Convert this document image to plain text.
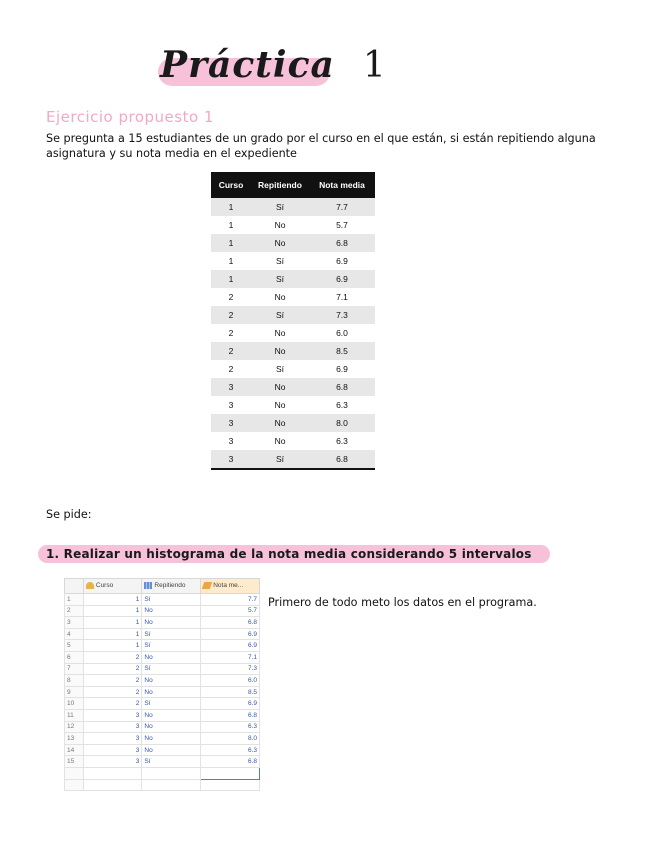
Práctica 1
Ejercicio propuesto 1
Se pregunta a 15 estudiantes de un grado por el curso en el que están, si están repitiendo alguna asignatura y su nota media en el expediente
Curso	Repitiendo	Nota media
1	Sí	7.7
1	No	5.7
1	No	6.8
1	Sí	6.9
1	Sí	6.9
2	No	7.1
2	Sí	7.3
2	No	6.0
2	No	8.5
2	Sí	6.9
3	No	6.8
3	No	6.3
3	No	8.0
3	No	6.3
3	Sí	6.8
Se pide:
1. Realizar un histograma de la nota media considerando 5 intervalos
	Curso	Repitiendo	Nota me...
1	1	Sí	7.7
2	1	No	5.7
3	1	No	6.8
4	1	Sí	6.9
5	1	Sí	6.9
6	2	No	7.1
7	2	Sí	7.3
8	2	No	6.0
9	2	No	8.5
10	2	Sí	6.9
11	3	No	6.8
12	3	No	6.3
13	3	No	8.0
14	3	No	6.3
15	3	Sí	6.8

Primero de todo meto los datos en el programa.
